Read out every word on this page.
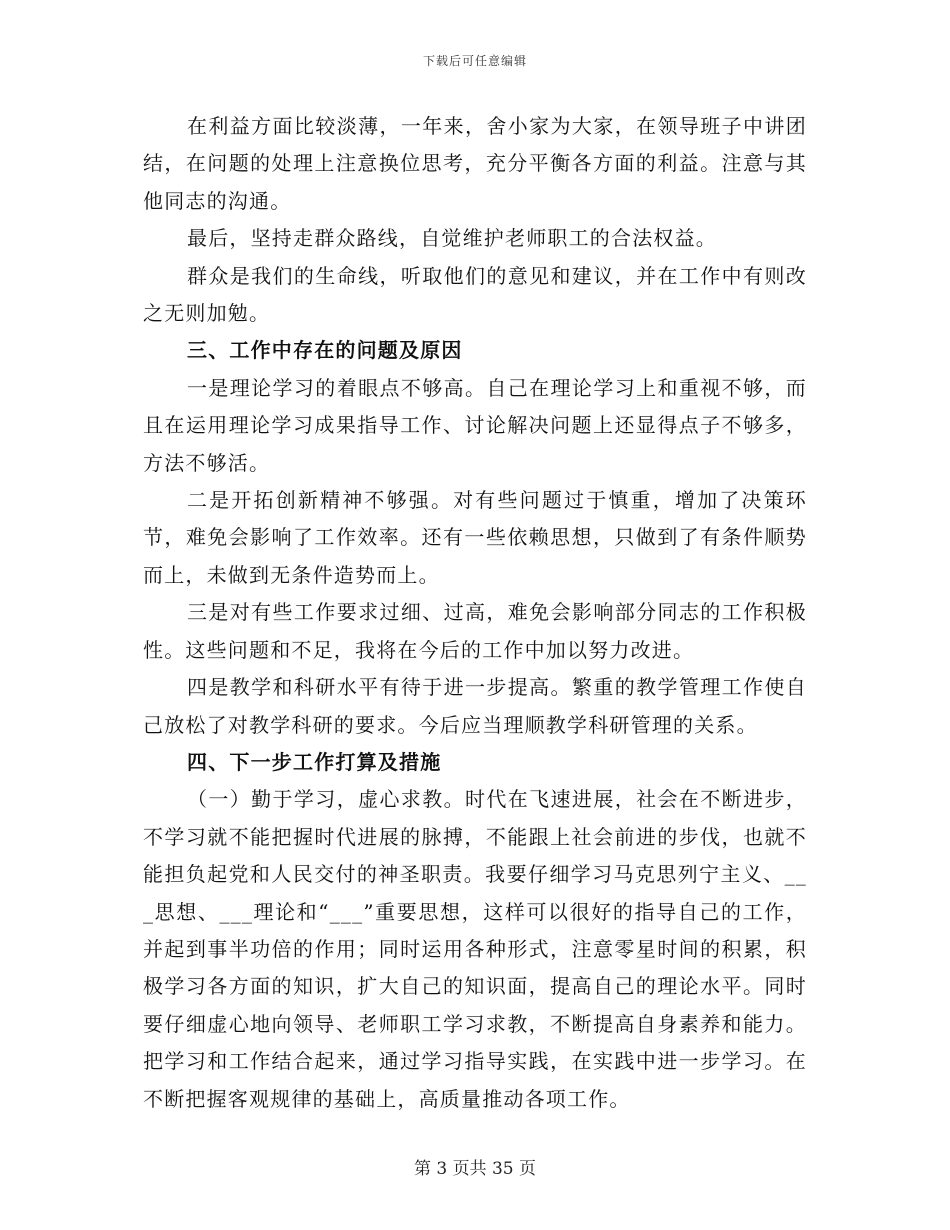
下载后可任意编辑

在利益方面比较淡薄，一年来，舍小家为大家，在领导班子中讲团结，在问题的处理上注意换位思考，充分平衡各方面的利益。注意与其他同志的沟通。

最后，坚持走群众路线，自觉维护老师职工的合法权益。

群众是我们的生命线，听取他们的意见和建议，并在工作中有则改之无则加勉。

三、工作中存在的问题及原因

一是理论学习的着眼点不够高。自己在理论学习上和重视不够，而且在运用理论学习成果指导工作、讨论解决问题上还显得点子不够多，方法不够活。

二是开拓创新精神不够强。对有些问题过于慎重，增加了决策环节，难免会影响了工作效率。还有一些依赖思想，只做到了有条件顺势而上，未做到无条件造势而上。

三是对有些工作要求过细、过高，难免会影响部分同志的工作积极性。这些问题和不足，我将在今后的工作中加以努力改进。

四是教学和科研水平有待于进一步提高。繁重的教学管理工作使自己放松了对教学科研的要求。今后应当理顺教学科研管理的关系。

四、下一步工作打算及措施

（一）勤于学习，虚心求教。时代在飞速进展，社会在不断进步，不学习就不能把握时代进展的脉搏，不能跟上社会前进的步伐，也就不能担负起党和人民交付的神圣职责。我要仔细学习马克思列宁主义、___思想、___理论和“___”重要思想，这样可以很好的指导自己的工作，并起到事半功倍的作用；同时运用各种形式，注意零星时间的积累，积极学习各方面的知识，扩大自己的知识面，提高自己的理论水平。同时要仔细虚心地向领导、老师职工学习求教，不断提高自身素养和能力。把学习和工作结合起来，通过学习指导实践，在实践中进一步学习。在不断把握客观规律的基础上，高质量推动各项工作。

第 3 页共 35 页
